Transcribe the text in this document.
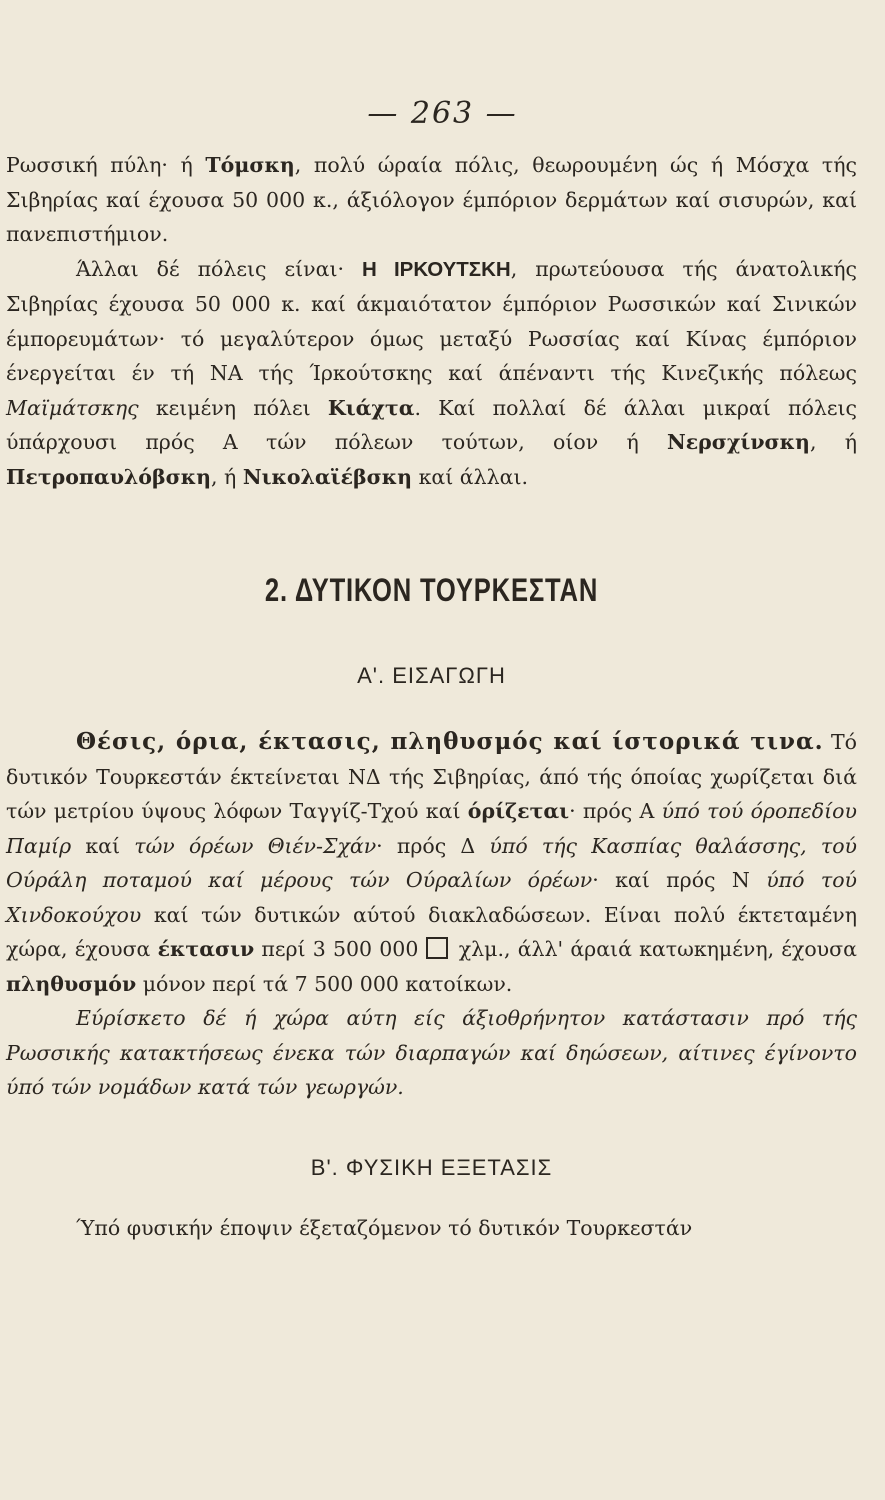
— 263 —

Ρωσσική πύλη· ή Τόμσκη, πολύ ώραία πόλις, θεωρουμένη ώς ή Μόσχα τής Σιβηρίας καί έχουσα 50 000 κ., άξιόλογον έμπόριον δερμάτων καί σισυρών, καί πανεπιστήμιον.

Άλλαι δέ πόλεις είναι· Η ΙΡΚΟΥΤΣΚΗ, πρωτεύουσα τής άνατολικής Σιβηρίας έχουσα 50 000 κ. καί άκμαιότατον έμπόριον Ρωσσικών καί Σινικών έμπορευμάτων· τό μεγαλύτερον όμως μεταξύ Ρωσσίας καί Κίνας έμπόριον ένεργείται έν τή ΝΑ τής Ίρκούτσκης καί άπέναντι τής Κινεζικής πόλεως Μαϊμάτσκης κειμένη πόλει Κιάχτα. Καί πολλαί δέ άλλαι μικραί πόλεις ύπάρχουσι πρός Α τών πόλεων τούτων, οίον ή Νερσχίνσκη, ή Πετροπαυλόβσκη, ή Νικολαϊέβσκη καί άλλαι.

2. ΔΥΤΙΚΟΝ ΤΟΥΡΚΕΣΤΑΝ
Α'. ΕΙΣΑΓΩΓΗ

Θέσις, όρια, έκτασις, πληθυσμός καί ίστορικά τινα. Τό δυτικόν Τουρκεστάν έκτείνεται ΝΔ τής Σιβηρίας, άπό τής όποίας χωρίζεται διά τών μετρίου ύψους λόφων Ταγγίζ-Τχού καί όρίζεται· πρός Α ύπό τού όροπεδίου Παμίρ καί τών όρέων Θιέν-Σχάν· πρός Δ ύπό τής Κασπίας θαλάσσης, τού Ούράλη ποταμού καί μέρους τών Ούραλίων όρέων· καί πρός Ν ύπό τού Χινδοκούχου καί τών δυτικών αύτού διακλαδώσεων. Είναι πολύ έκτεταμένη χώρα, έχουσα έκτασιν περί 3 500 000  χλμ., άλλ' άραιά κατωκημένη, έχουσα πληθυσμόν μόνον περί τά 7 500 000 κατοίκων.

Εύρίσκετο δέ ή χώρα αύτη είς άξιοθρήνητον κατάστασιν πρό τής Ρωσσικής κατακτήσεως ένεκα τών διαρπαγών καί δηώσεων, αίτινες έγίνοντο ύπό τών νομάδων κατά τών γεωργών.

Β'. ΦΥΣΙΚΗ ΕΞΕΤΑΣΙΣ

Ύπό φυσικήν έποψιν έξεταζόμενον τό δυτικόν Τουρκεστάν
